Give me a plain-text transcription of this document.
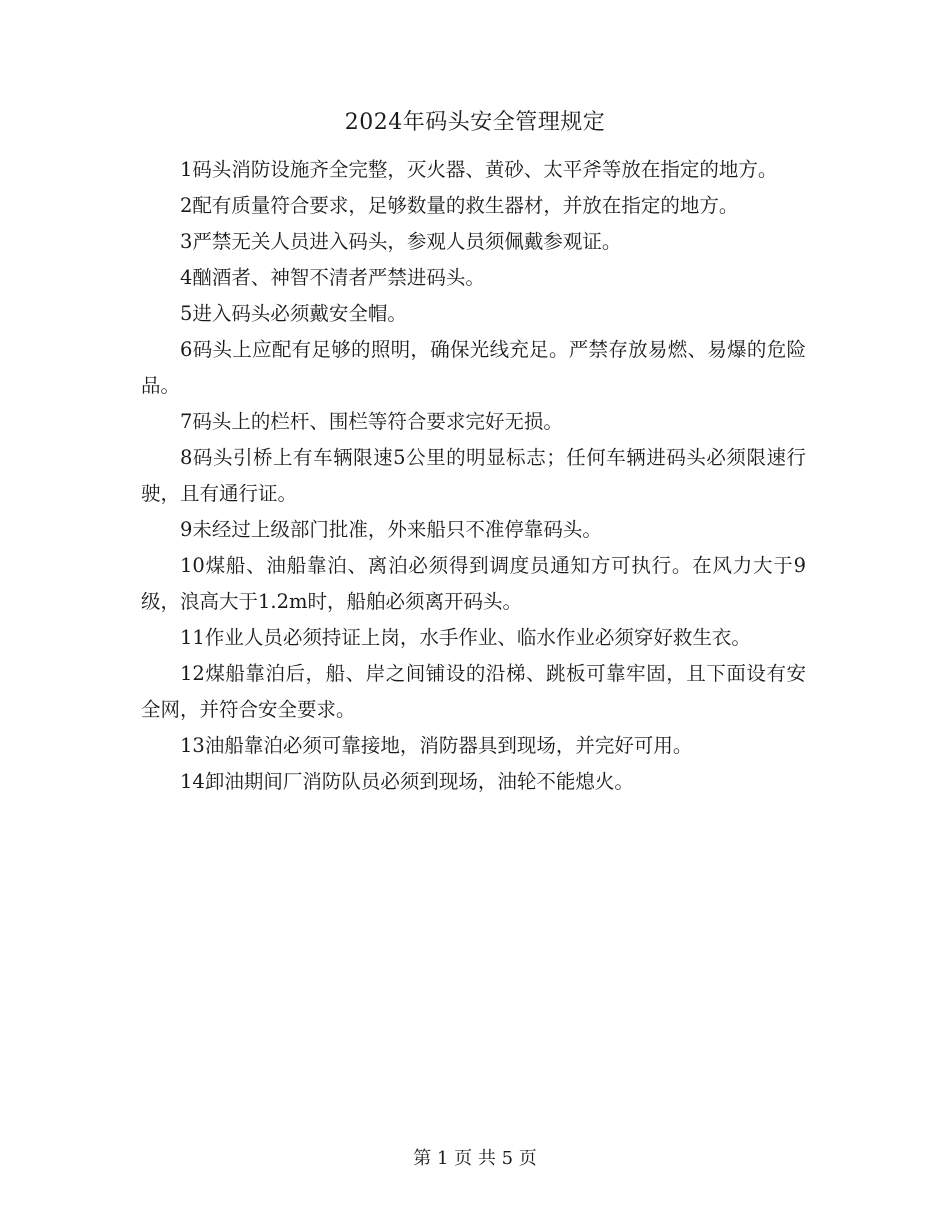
2024年码头安全管理规定

1码头消防设施齐全完整，灭火器、黄砂、太平斧等放在指定的地方。

2配有质量符合要求，足够数量的救生器材，并放在指定的地方。

3严禁无关人员进入码头，参观人员须佩戴参观证。

4酗酒者、神智不清者严禁进码头。

5进入码头必须戴安全帽。

6码头上应配有足够的照明，确保光线充足。严禁存放易燃、易爆的危险品。

7码头上的栏杆、围栏等符合要求完好无损。

8码头引桥上有车辆限速5公里的明显标志；任何车辆进码头必须限速行驶，且有通行证。

9未经过上级部门批准，外来船只不准停靠码头。

10煤船、油船靠泊、离泊必须得到调度员通知方可执行。在风力大于9级，浪高大于1.2m时，船舶必须离开码头。

11作业人员必须持证上岗，水手作业、临水作业必须穿好救生衣。

12煤船靠泊后，船、岸之间铺设的沿梯、跳板可靠牢固，且下面设有安全网，并符合安全要求。

13油船靠泊必须可靠接地，消防器具到现场，并完好可用。

14卸油期间厂消防队员必须到现场，油轮不能熄火。

第 1 页 共 5 页
